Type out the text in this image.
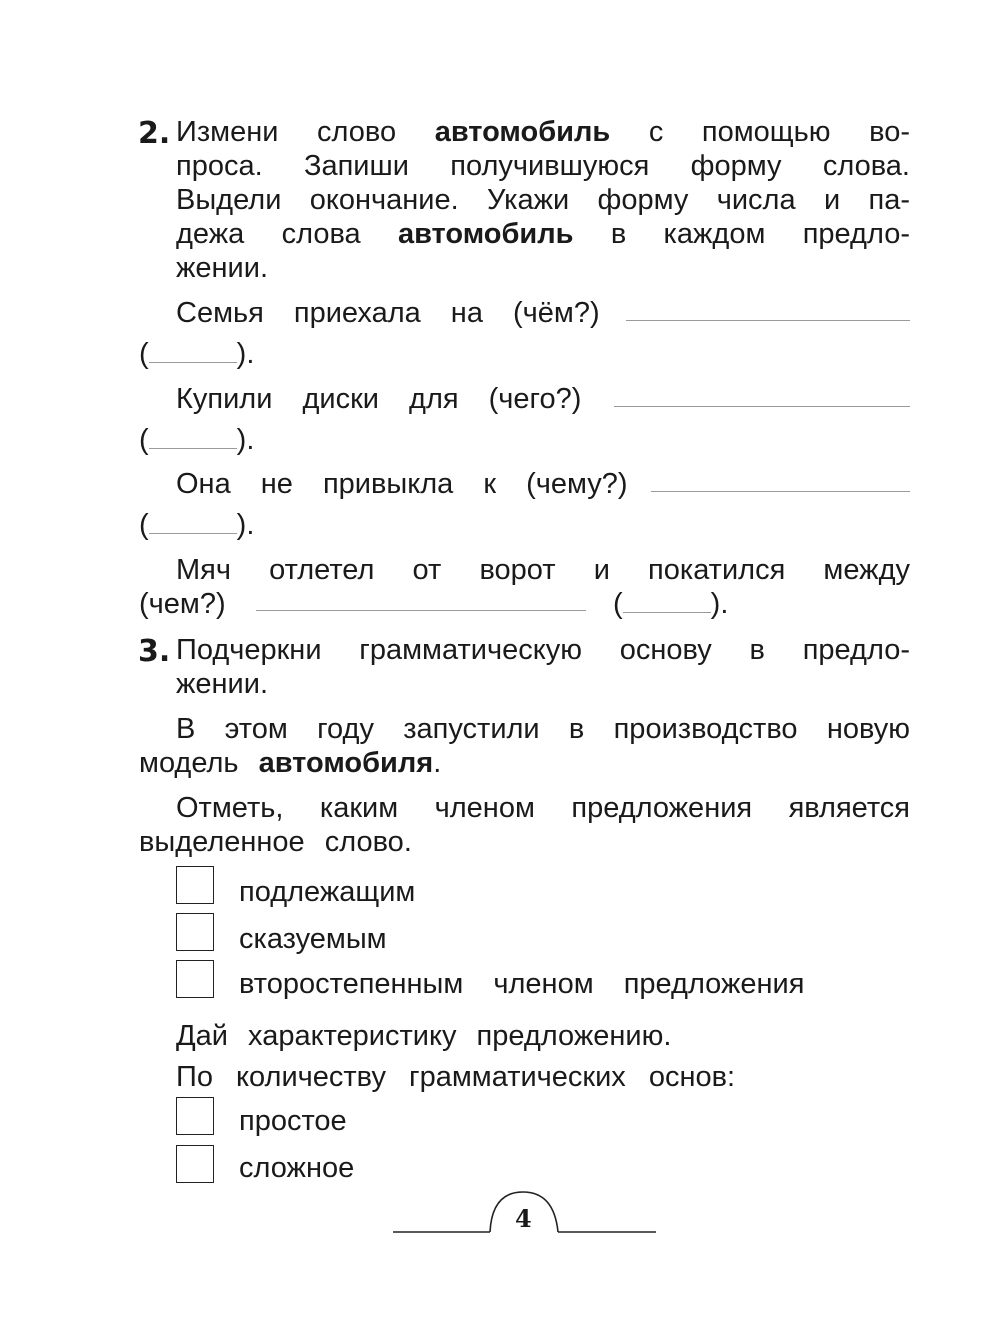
2. Измени слово автомобиль с помощью во-
проса. Запиши получившуюся форму слова.
Выдели окончание. Укажи форму числа и па-
дежа слова автомобиль в каждом предло-
жении.
Семья приехала на (чём?)
(	).
Купили диски для (чего?)
(	).
Она не привыкла к (чему?)
(	).
Мяч отлетел от ворот и покатился между
(чем?)	(	).
3. Подчеркни грамматическую основу в предло-
жении.
В этом году запустили в производство новую
модель автомобиля.
Отметь, каким членом предложения является
выделенное слово.
подлежащим
сказуемым
второстепенным членом предложения
Дай характеристику предложению.
По количеству грамматических основ:
простое
сложное
4
